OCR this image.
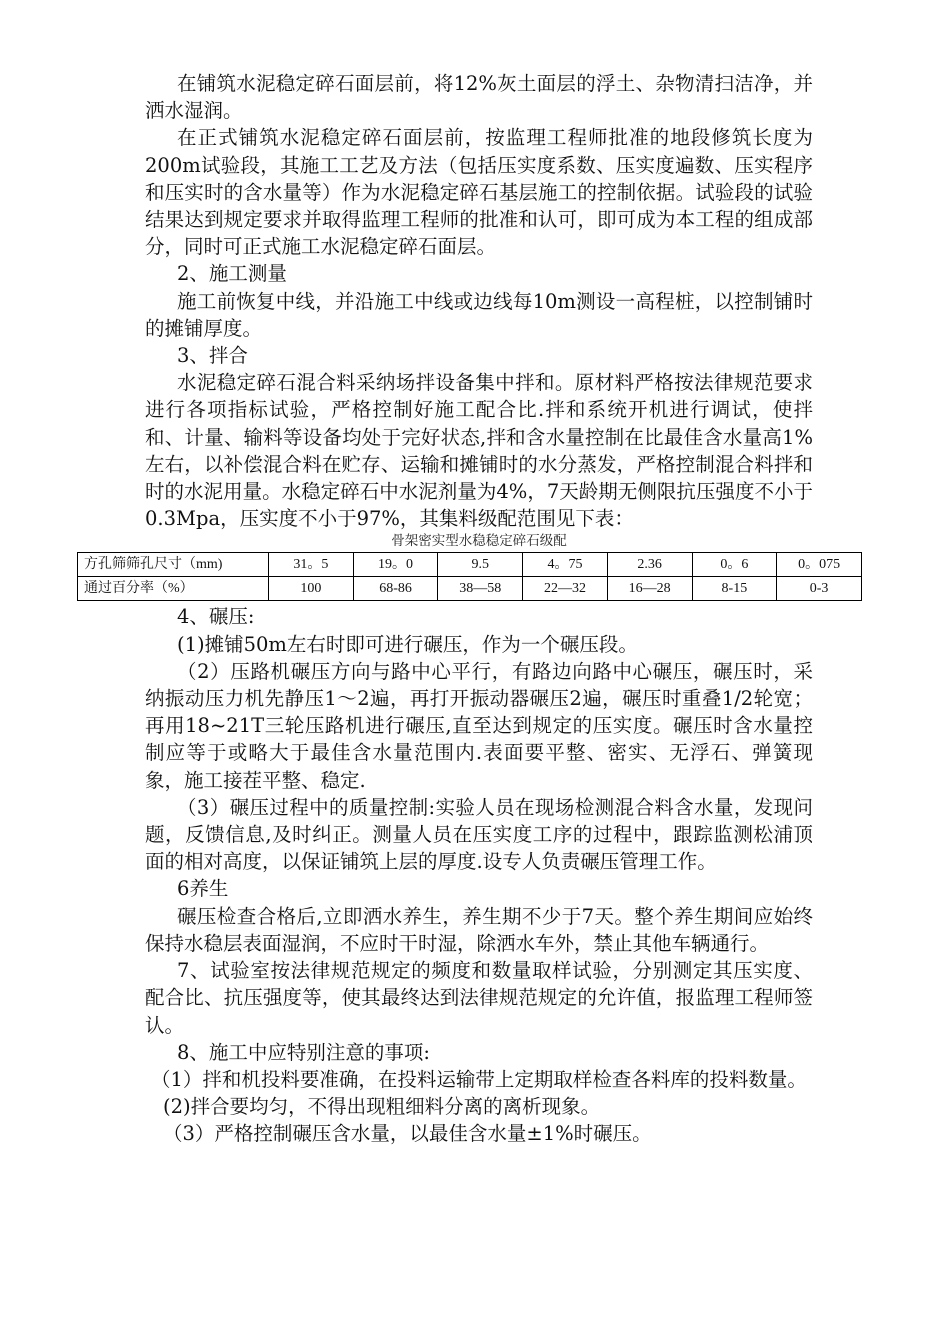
在铺筑水泥稳定碎石面层前，将12%灰土面层的浮土、杂物清扫洁净，并洒水湿润。

在正式铺筑水泥稳定碎石面层前，按监理工程师批准的地段修筑长度为200m试验段，其施工工艺及方法（包括压实度系数、压实度遍数、压实程序和压实时的含水量等）作为水泥稳定碎石基层施工的控制依据。试验段的试验结果达到规定要求并取得监理工程师的批准和认可，即可成为本工程的组成部分，同时可正式施工水泥稳定碎石面层。

2、施工测量

施工前恢复中线，并沿施工中线或边线每10m测设一高程桩，以控制铺时的摊铺厚度。

3、拌合

水泥稳定碎石混合料采纳场拌设备集中拌和。原材料严格按法律规范要求进行各项指标试验，严格控制好施工配合比.拌和系统开机进行调试，使拌和、计量、输料等设备均处于完好状态,拌和含水量控制在比最佳含水量高1%左右，以补偿混合料在贮存、运输和摊铺时的水分蒸发，严格控制混合料拌和时的水泥用量。水稳定碎石中水泥剂量为4%，7天龄期无侧限抗压强度不小于0.3Mpa，压实度不小于97%，其集料级配范围见下表：

骨架密实型水稳稳定碎石级配

方孔筛筛孔尺寸（mm)	31。5	19。0	9.5	4。75	2.36	0。6	0。075
通过百分率（%）	100	68-86	38—58	22—32	16—28	8-15	0-3

4、碾压:

(1)摊铺50m左右时即可进行碾压，作为一个碾压段。

（2）压路机碾压方向与路中心平行，有路边向路中心碾压，碾压时，采纳振动压力机先静压1～2遍，再打开振动器碾压2遍，碾压时重叠1/2轮宽；再用18~21T三轮压路机进行碾压,直至达到规定的压实度。碾压时含水量控制应等于或略大于最佳含水量范围内.表面要平整、密实、无浮石、弹簧现象，施工接茬平整、稳定.

（3）碾压过程中的质量控制:实验人员在现场检测混合料含水量，发现问题，反馈信息,及时纠正。测量人员在压实度工序的过程中，跟踪监测松浦顶面的相对高度，以保证铺筑上层的厚度.设专人负责碾压管理工作。

6养生

碾压检查合格后,立即洒水养生，养生期不少于7天。整个养生期间应始终保持水稳层表面湿润，不应时干时湿，除洒水车外，禁止其他车辆通行。

7、试验室按法律规范规定的频度和数量取样试验，分别测定其压实度、配合比、抗压强度等，使其最终达到法律规范规定的允许值，报监理工程师签认。

8、施工中应特别注意的事项:

（1）拌和机投料要准确，在投料运输带上定期取样检查各料库的投料数量。

(2)拌合要均匀，不得出现粗细料分离的离析现象。

（3）严格控制碾压含水量，以最佳含水量±1%时碾压。
